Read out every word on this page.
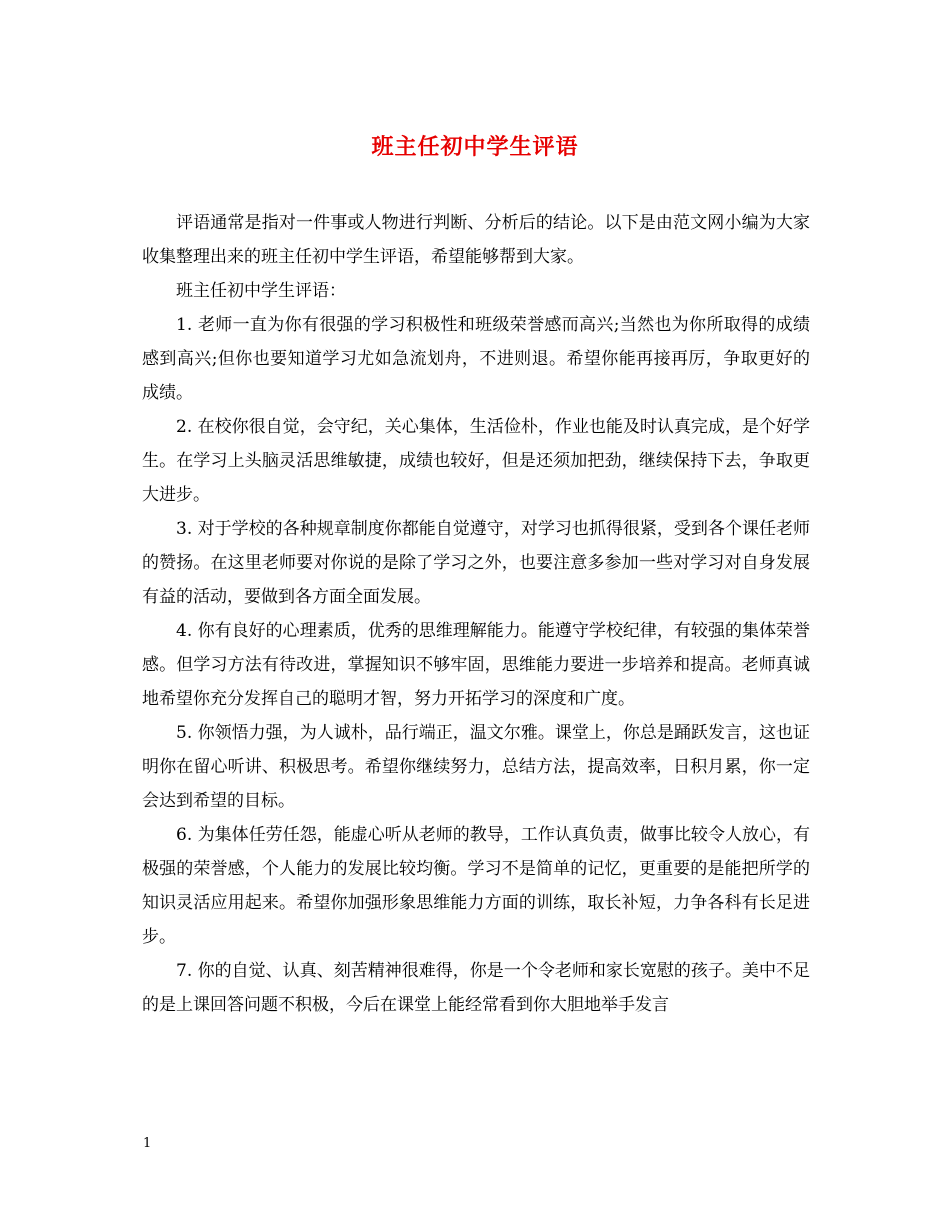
班主任初中学生评语

评语通常是指对一件事或人物进行判断、分析后的结论。以下是由范文网小编为大家收集整理出来的班主任初中学生评语，希望能够帮到大家。

班主任初中学生评语：

1. 老师一直为你有很强的学习积极性和班级荣誉感而高兴;当然也为你所取得的成绩感到高兴;但你也要知道学习尤如急流划舟，不进则退。希望你能再接再厉，争取更好的成绩。

2. 在校你很自觉，会守纪，关心集体，生活俭朴，作业也能及时认真完成，是个好学生。在学习上头脑灵活思维敏捷，成绩也较好，但是还须加把劲，继续保持下去，争取更大进步。

3. 对于学校的各种规章制度你都能自觉遵守，对学习也抓得很紧，受到各个课任老师的赞扬。在这里老师要对你说的是除了学习之外，也要注意多参加一些对学习对自身发展有益的活动，要做到各方面全面发展。

4. 你有良好的心理素质，优秀的思维理解能力。能遵守学校纪律，有较强的集体荣誉感。但学习方法有待改进，掌握知识不够牢固，思维能力要进一步培养和提高。老师真诚地希望你充分发挥自己的聪明才智，努力开拓学习的深度和广度。

5. 你领悟力强，为人诚朴，品行端正，温文尔雅。课堂上，你总是踊跃发言，这也证明你在留心听讲、积极思考。希望你继续努力，总结方法，提高效率，日积月累，你一定会达到希望的目标。

6. 为集体任劳任怨，能虚心听从老师的教导，工作认真负责，做事比较令人放心，有极强的荣誉感，个人能力的发展比较均衡。学习不是简单的记忆，更重要的是能把所学的知识灵活应用起来。希望你加强形象思维能力方面的训练，取长补短，力争各科有长足进步。

7. 你的自觉、认真、刻苦精神很难得，你是一个令老师和家长宽慰的孩子。美中不足的是上课回答问题不积极，今后在课堂上能经常看到你大胆地举手发言

1
